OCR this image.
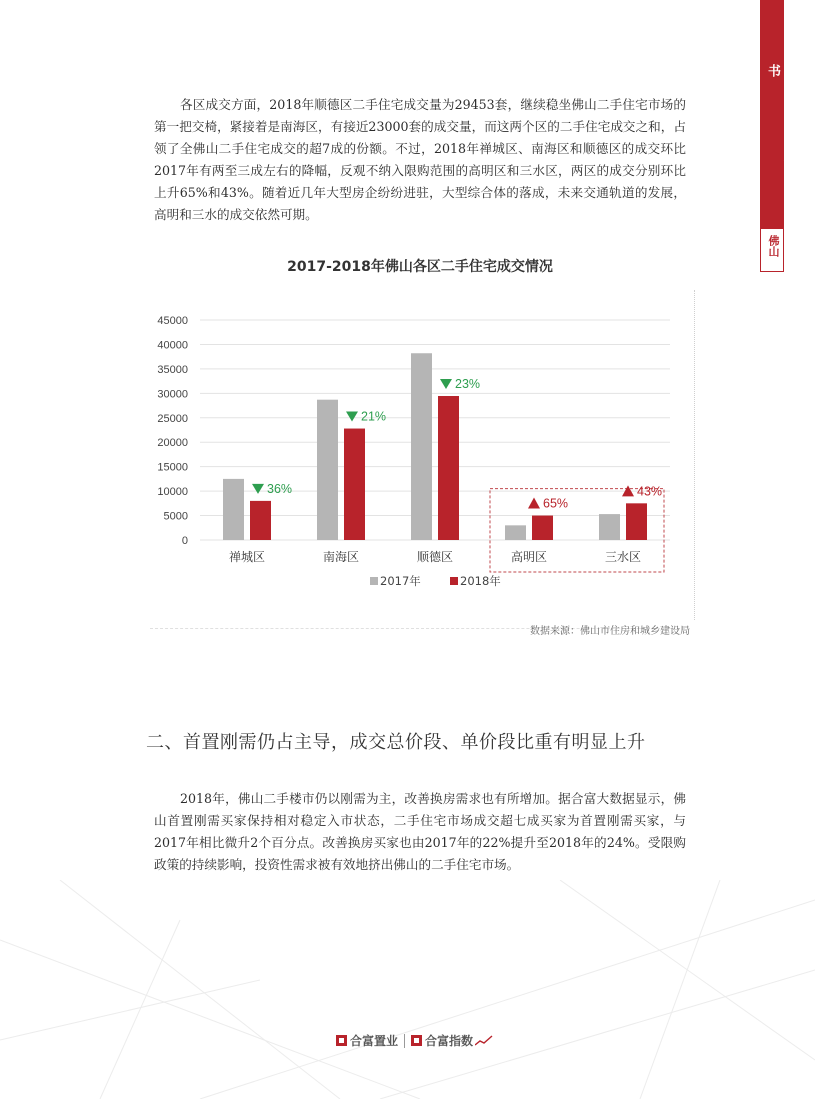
2019年 二手房市场白皮书
佛山

各区成交方面，2018年顺德区二手住宅成交量为29453套，继续稳坐佛山二手住宅市场的第一把交椅，紧接着是南海区，有接近23000套的成交量，而这两个区的二手住宅成交之和，占领了全佛山二手住宅成交的超7成的份额。不过，2018年禅城区、南海区和顺德区的成交环比2017年有两至三成左右的降幅，反观不纳入限购范围的高明区和三水区，两区的成交分别环比上升65%和43%。随着近几年大型房企纷纷进驻，大型综合体的落成，未来交通轨道的发展，高明和三水的成交依然可期。

2017-2018年佛山各区二手住宅成交情况
0
5000
10000
15000
20000
25000
30000
35000
40000
45000
禅城区
36%
南海区
21%
顺德区
23%
高明区
65%
三水区
43%
2017年	2018年
数据来源：佛山市住房和城乡建设局
二、首置刚需仍占主导，成交总价段、单价段比重有明显上升

2018年，佛山二手楼市仍以刚需为主，改善换房需求也有所增加。据合富大数据显示，佛山首置刚需买家保持相对稳定入市状态，二手住宅市场成交超七成买家为首置刚需买家，与2017年相比微升2个百分点。改善换房买家也由2017年的22%提升至2018年的24%。受限购政策的持续影响，投资性需求被有效地挤出佛山的二手住宅市场。

合富置业 合富指数
